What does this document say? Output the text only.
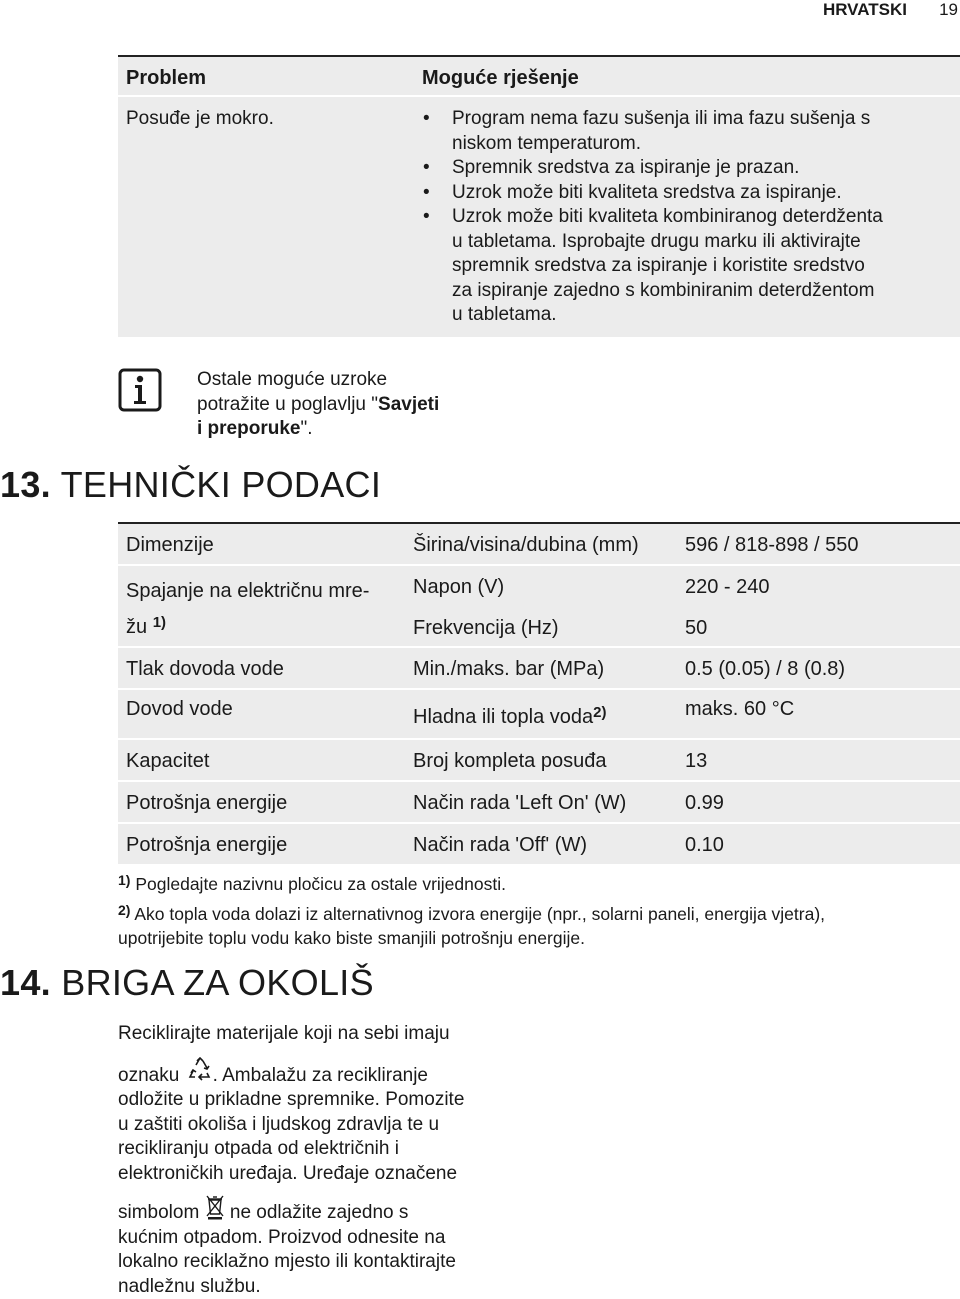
HRVATSKI 19
Problem	Moguće rješenje
Posuđe je mokro.	• Program nema fazu sušenja ili ima fazu sušenja s
niskom temperaturom.
• Spremnik sredstva za ispiranje je prazan.
• Uzrok može biti kvaliteta sredstva za ispiranje.
• Uzrok može biti kvaliteta kombiniranog deterdženta
u tabletama. Isprobajte drugu marku ili aktivirajte
spremnik sredstva za ispiranje i koristite sredstvo
za ispiranje zajedno s kombiniranim deterdžentom
u tabletama.
Ostale moguće uzroke
potražite u poglavlju "Savjeti
i preporuke".
13. TEHNIČKI PODACI
Dimenzije	Širina/visina/dubina (mm) 596 / 818-898 / 550
Spajanje na električnu mre-
žu $^{1)}$
Napon (V)	220 - 240
Frekvencija (Hz)	50
Tlak dovoda vode	Min./maks. bar (MPa)	0.5 (0.05) / 8 (0.8)
Dovod vode	Hladna ili topla voda$^{2)}$	maks. 60 °C
Kapacitet	Broj kompleta posuđa	13
Potrošnja energije	Način rada 'Left On' (W)	0.99
Potrošnja energije	Način rada 'Off' (W)	0.10
$^{1)}$ Pogledajte nazivnu pločicu za ostale vrijednosti.
$^{2)}$ Ako topla voda dolazi iz alternativnog izvora energije (npr., solarni paneli, energija vjetra),
upotrijebite toplu vodu kako biste smanjili potrošnju energije.
14. BRIGA ZA OKOLIŠ
Reciklirajte materijale koji na sebi imaju
oznaku . Ambalažu za recikliranje
odložite u prikladne spremnike. Pomozite
u zaštiti okoliša i ljudskog zdravlja te u
recikliranju otpada od električnih i
elektroničkih uređaja. Uređaje označene
simbolom ne odlažite zajedno s
kućnim otpadom. Proizvod odnesite na
lokalno reciklažno mjesto ili kontaktirajte
nadležnu službu.
